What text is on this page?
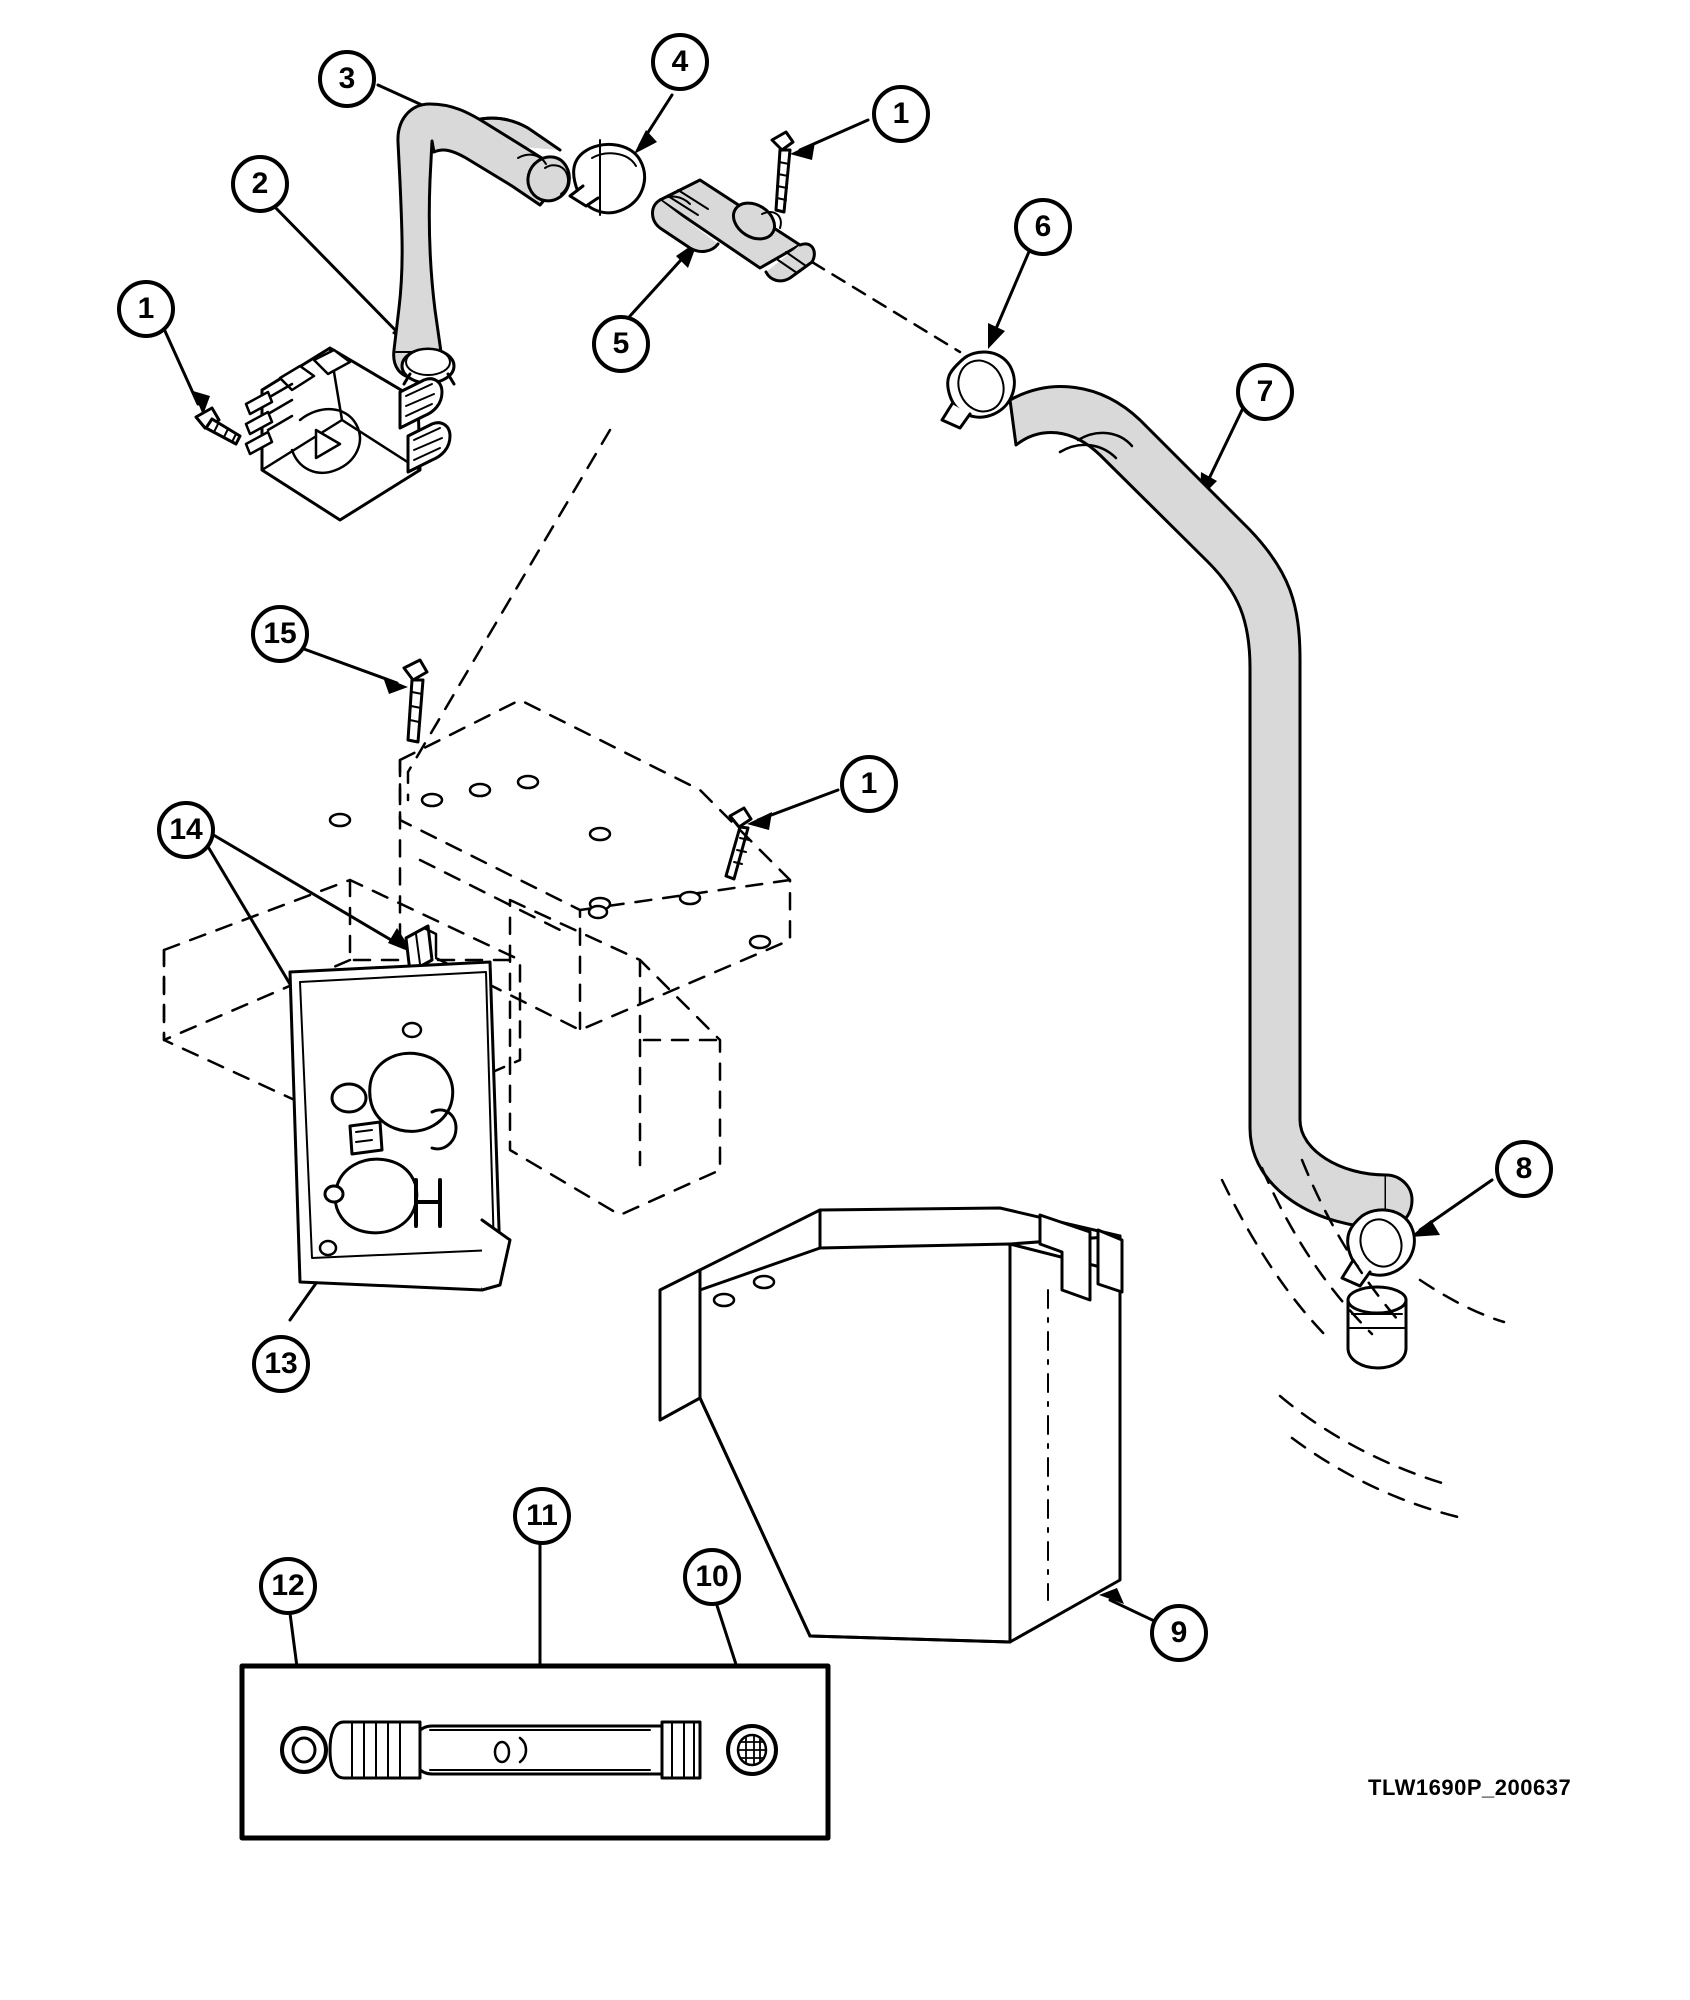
3
4
1
2
6
5
1
7
15
1
14
8
13
11
12	10
9
TLW1690P_200637
